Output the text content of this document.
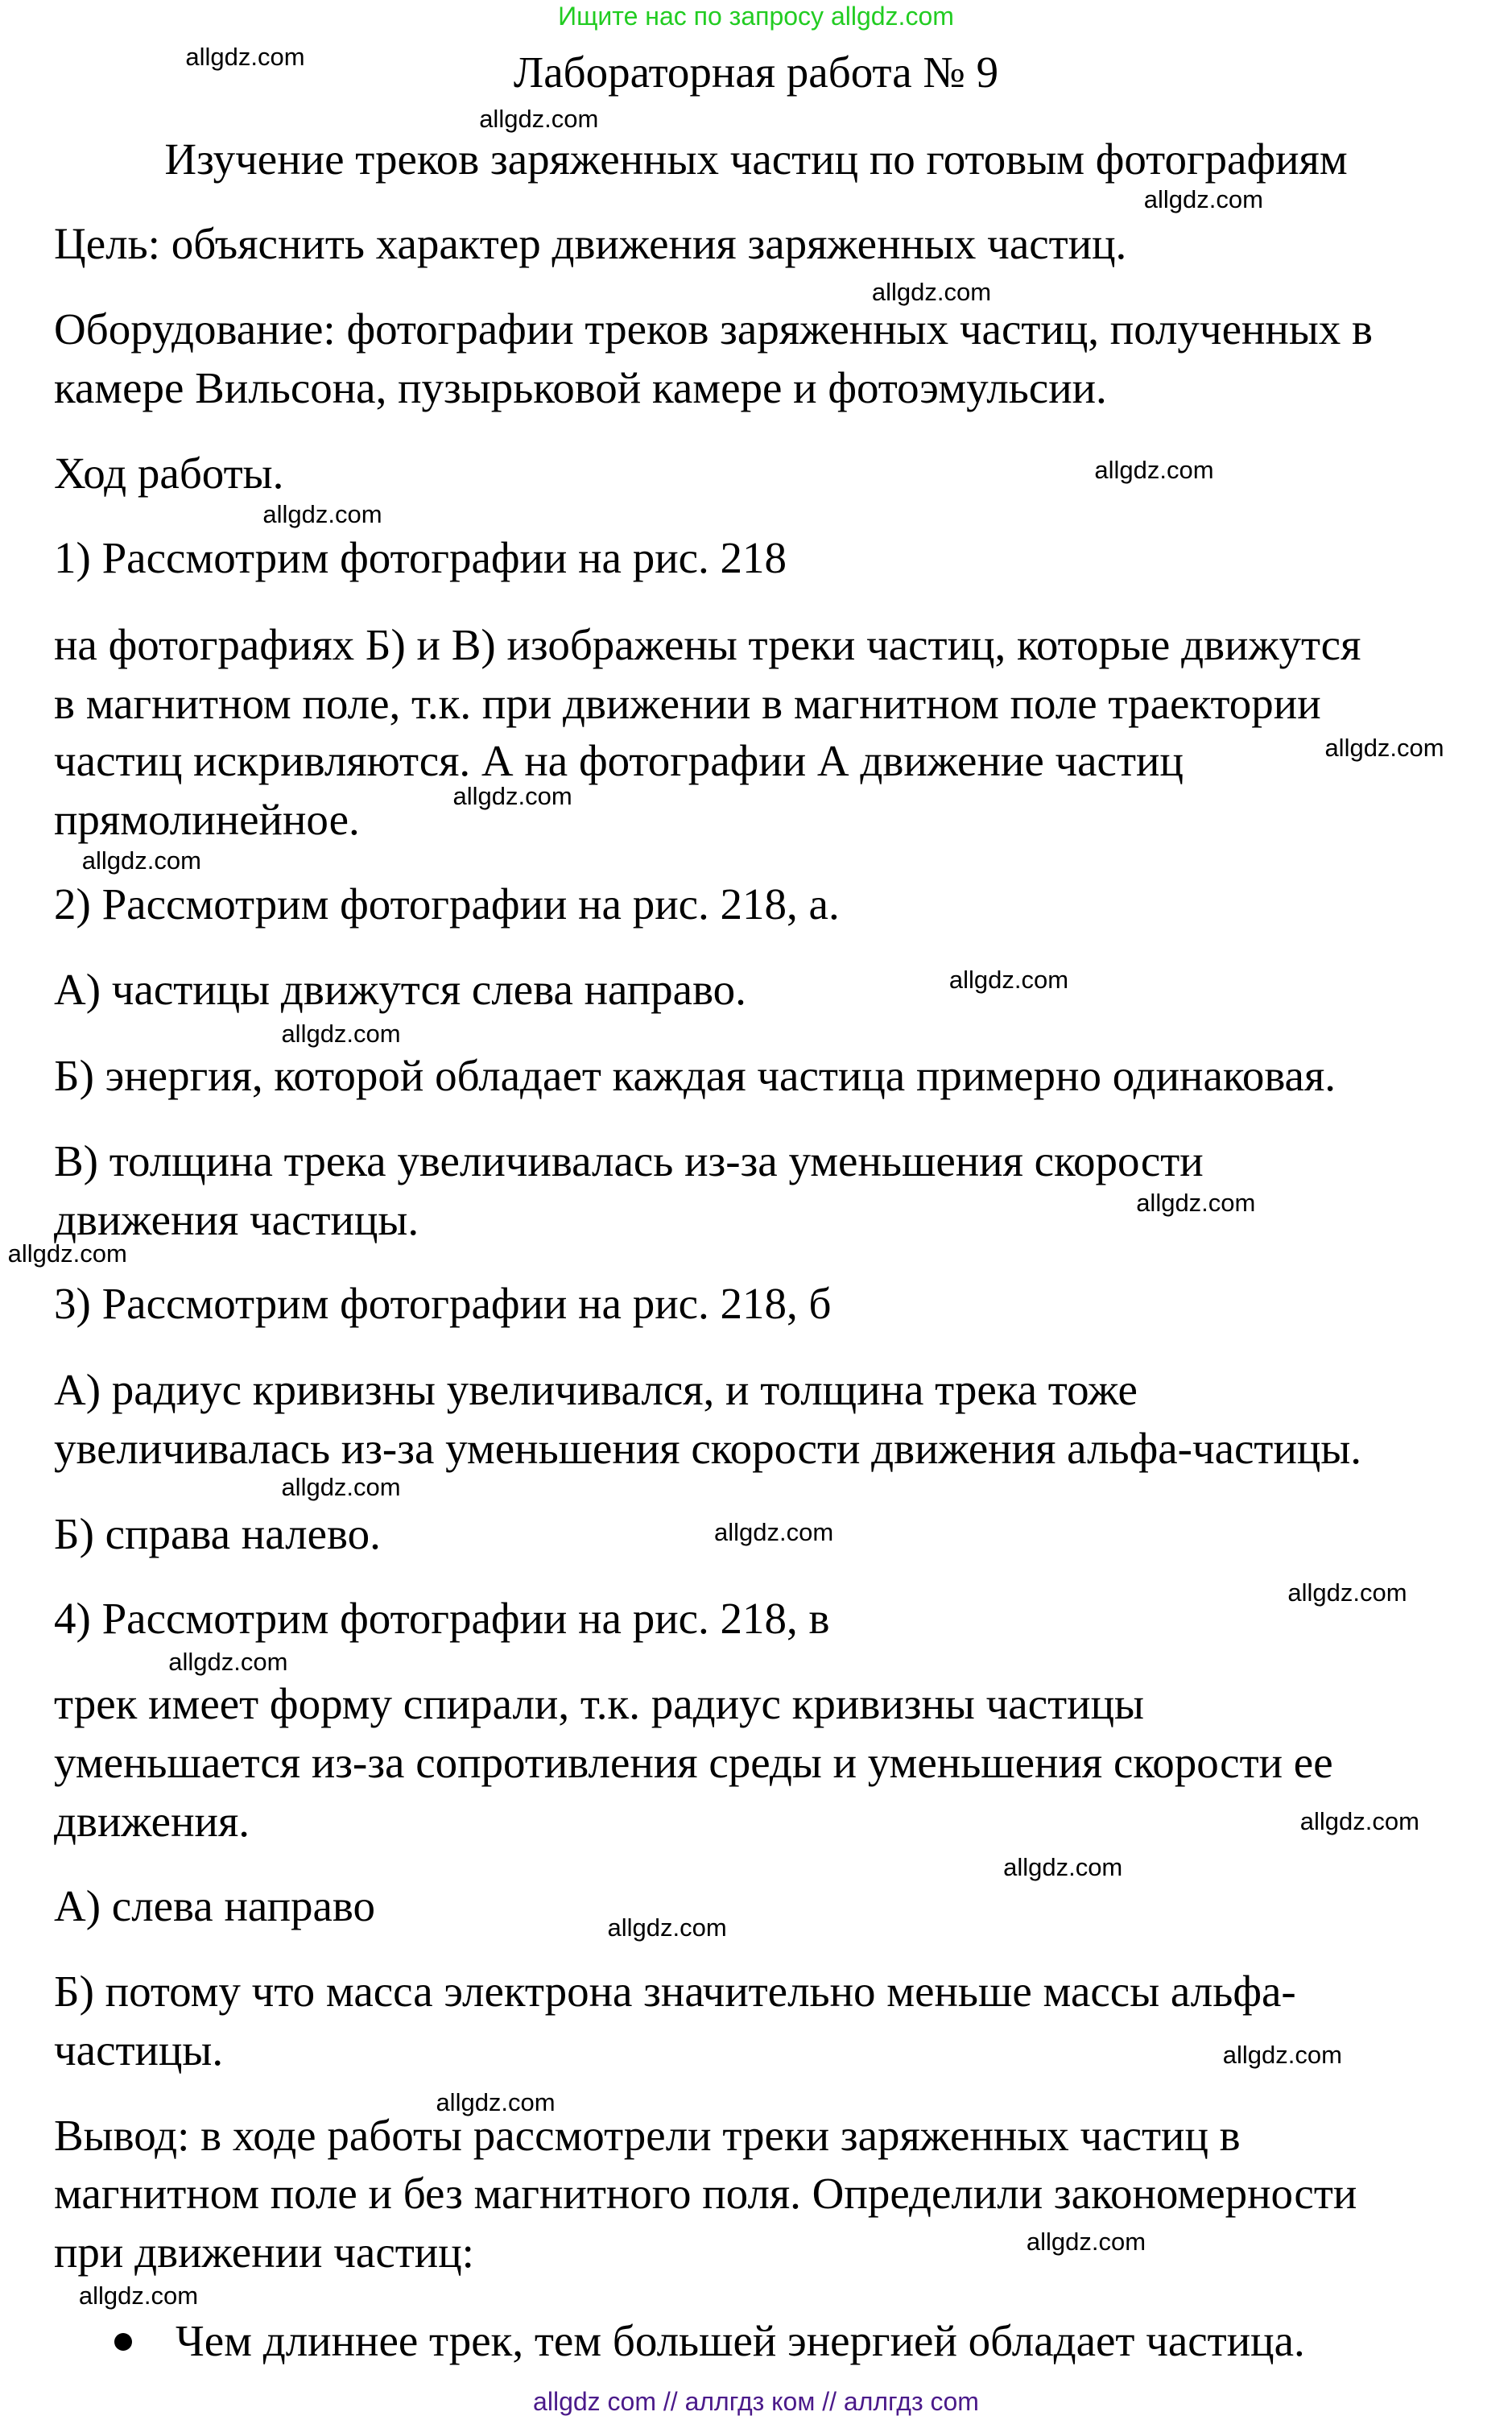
Ищите нас по запросу allgdz.com
Лабораторная работа № 9
Изучение треков заряженных частиц по готовым фотографиям
Цель: объяснить характер движения заряженных частиц.
Оборудование: фотографии треков заряженных частиц, полученных в
камере Вильсона, пузырьковой камере и фотоэмульсии.
Ход работы.
1) Рассмотрим фотографии на рис. 218
на фотографиях Б) и В) изображены треки частиц, которые движутся
в магнитном поле, т.к. при движении в магнитном поле траектории
частиц искривляются. А на фотографии А движение частиц
прямолинейное.
2) Рассмотрим фотографии на рис. 218, а.
А) частицы движутся слева направо.
Б) энергия, которой обладает каждая частица примерно одинаковая.
В) толщина трека увеличивалась из-за уменьшения скорости
движения частицы.
3) Рассмотрим фотографии на рис. 218, б
А) радиус кривизны увеличивался, и толщина трека тоже
увеличивалась из-за уменьшения скорости движения альфа-частицы.
Б) справа налево.
4) Рассмотрим фотографии на рис. 218, в
трек имеет форму спирали, т.к. радиус кривизны частицы
уменьшается из-за сопротивления среды и уменьшения скорости ее
движения.
А) слева направо
Б) потому что масса электрона значительно меньше массы альфа-
частицы.
Вывод: в ходе работы рассмотрели треки заряженных частиц в
магнитном поле и без магнитного поля. Определили закономерности
при движении частиц:
Чем длиннее трек, тем большей энергией обладает частица.
allgdz.com
allgdz.com
allgdz.com
allgdz.com
allgdz.com
allgdz.com
allgdz.com
allgdz.com
allgdz.com
allgdz.com
allgdz.com
allgdz.com
allgdz.com
allgdz.com
allgdz.com
allgdz.com
allgdz.com
allgdz.com
allgdz.com
allgdz.com
allgdz.com
allgdz.com
allgdz.com
allgdz.com
allgdz com // аллгдз ком // аллгдз com
